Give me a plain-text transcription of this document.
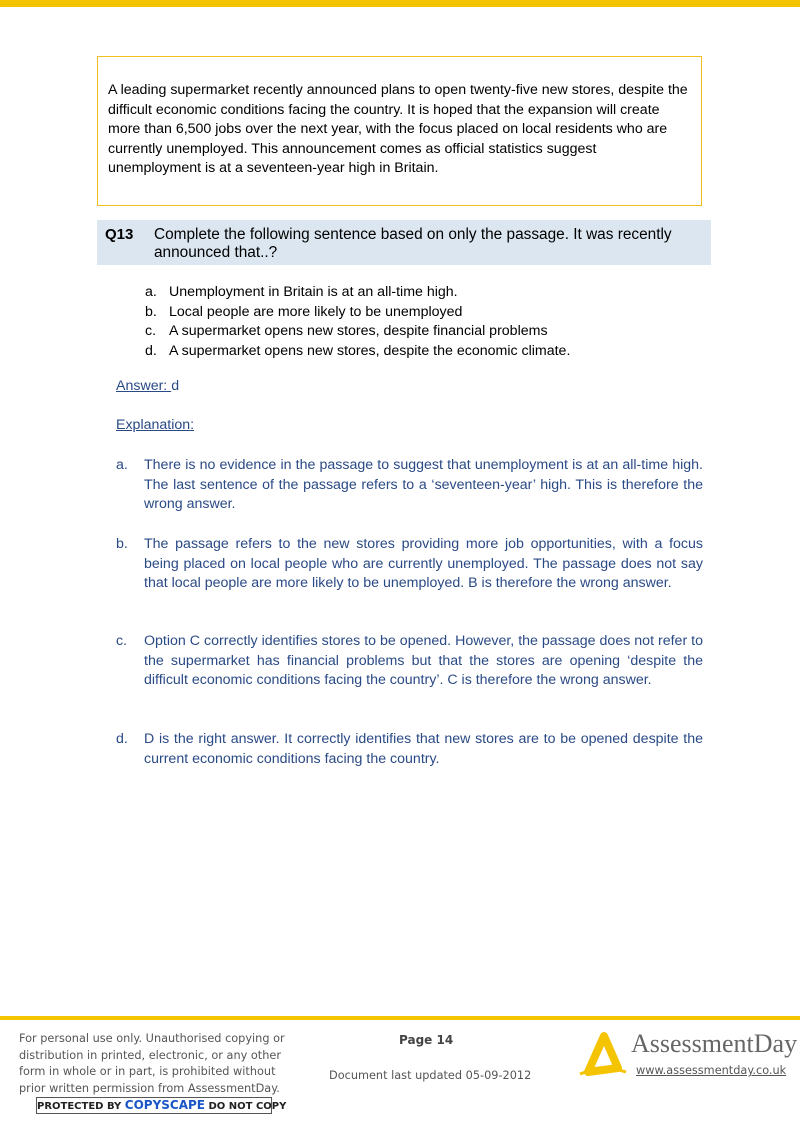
A leading supermarket recently announced plans to open twenty-five new stores, despite the difficult economic conditions facing the country. It is hoped that the expansion will create more than 6,500 jobs over the next year, with the focus placed on local residents who are currently unemployed. This announcement comes as official statistics suggest unemployment is at a seventeen-year high in Britain.
Q13 Complete the following sentence based on only the passage. It was recently announced that..?
a. Unemployment in Britain is at an all-time high.
b. Local people are more likely to be unemployed
c. A supermarket opens new stores, despite financial problems
d. A supermarket opens new stores, despite the economic climate.
Answer: d
Explanation:
a.	There is no evidence in the passage to suggest that unemployment is at an all-time high. The last sentence of the passage refers to a ‘seventeen-year’ high. This is therefore the wrong answer.
b.	The passage refers to the new stores providing more job opportunities, with a focus being placed on local people who are currently unemployed. The passage does not say that local people are more likely to be unemployed. B is therefore the wrong answer.
c.	Option C correctly identifies stores to be opened. However, the passage does not refer to the supermarket has financial problems but that the stores are opening ‘despite the difficult economic conditions facing the country’. C is therefore the wrong answer.
d.	D is the right answer. It correctly identifies that new stores are to be opened despite the current economic conditions facing the country.
For personal use only. Unauthorised copying or distribution in printed, electronic, or any other form in whole or in part, is prohibited without prior written permission from AssessmentDay.
PROTECTED BY COPYSCAPE DO NOT COPY
Page 14
Document last updated 05-09-2012
AssessmentDay
www.assessmentday.co.uk
